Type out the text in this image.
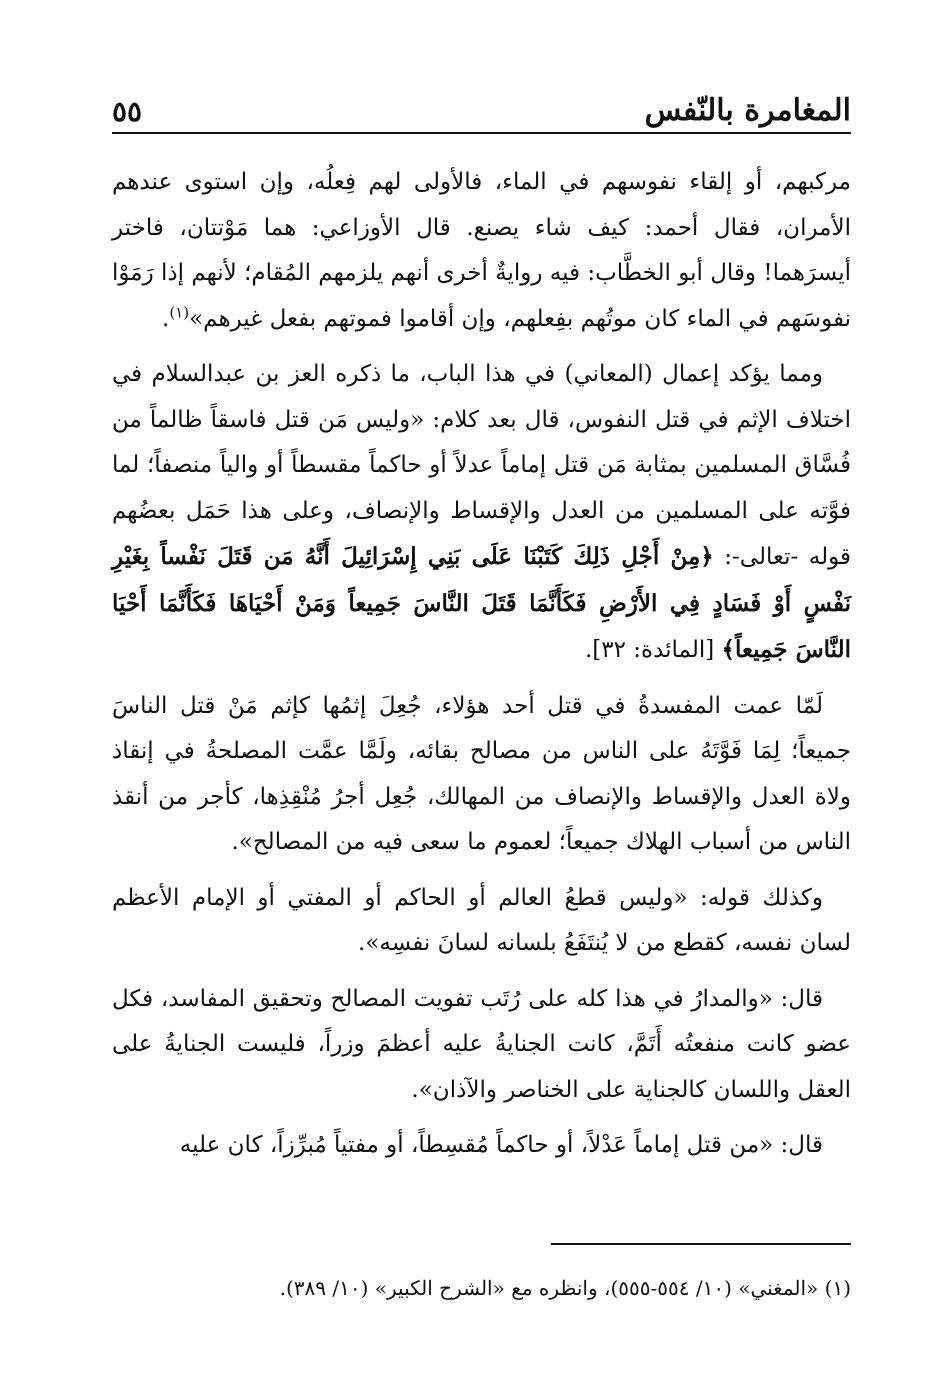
المغامرة بالنّفس
٥٥

مركبهم، أو إلقاء نفوسهم في الماء، فالأولى لهم فِعلُه، وإن استوى عندهم الأمران، فقال أحمد: كيف شاء يصنع. قال الأوزاعي: هما مَوْتتان، فاختر أيسرَهما! وقال أبو الخطَّاب: فيه روايةٌ أخرى أنهم يلزمهم المُقام؛ لأنهم إذا رَمَوْا نفوسَهم في الماء كان موتُهم بفِعلهم، وإن أقاموا فموتهم بفعل غيرهم»$^{(١)}$.

ومما يؤكد إعمال (المعاني) في هذا الباب، ما ذكره العز بن عبدالسلام في اختلاف الإثم في قتل النفوس، قال بعد كلام: «وليس مَن قتل فاسقاً ظالماً من فُسَّاق المسلمين بمثابة مَن قتل إماماً عدلاً أو حاكماً مقسطاً أو والياً منصفاً؛ لما فوَّته على المسلمين من العدل والإقساط والإنصاف، وعلى هذا حَمَل بعضُهم قوله -تعالى-: ﴿مِنْ أَجْلِ ذَلِكَ كَتَبْنَا عَلَى بَنِي إِسْرَائِيلَ أَنَّهُ مَن قَتَلَ نَفْساً بِغَيْرِ نَفْسٍ أَوْ فَسَادٍ فِي الأَرْضِ فَكَأَنَّمَا قَتَلَ النَّاسَ جَمِيعاً وَمَنْ أَحْيَاهَا فَكَأَنَّمَا أَحْيَا النَّاسَ جَمِيعاً﴾ [المائدة: ٣٢].

لَمّا عمت المفسدةُ في قتل أحد هؤلاء، جُعِلَ إثمُها كإثم مَنْ قتل الناسَ جميعاً؛ لِمَا فَوَّتَهُ على الناس من مصالح بقائه، ولَمَّا عمَّت المصلحةُ في إنقاذ ولاة العدل والإقساط والإنصاف من المهالك، جُعِل أجرُ مُنْقِذِها، كأجر من أنقذ الناس من أسباب الهلاك جميعاً؛ لعموم ما سعى فيه من المصالح».

وكذلك قوله: «وليس قطعُ العالم أو الحاكم أو المفتي أو الإمام الأعظم لسان نفسه، كقطع من لا يُنتَفَعُ بلسانه لسانَ نفسِه».

قال: «والمدارُ في هذا كله على رُتَب تفويت المصالح وتحقيق المفاسد، فكل عضو كانت منفعتُه أَتَمَّ، كانت الجنايةُ عليه أعظمَ وزراً، فليست الجنايةُ على العقل واللسان كالجناية على الخناصر والآذان».

قال: «من قتل إماماً عَدْلاً، أو حاكماً مُقسِطاً، أو مفتياً مُبرِّزاً، كان عليه

(١) «المغني» (١٠/ ٥٥٤-٥٥٥)، وانظره مع «الشرح الكبير» (١٠/ ٣٨٩).
